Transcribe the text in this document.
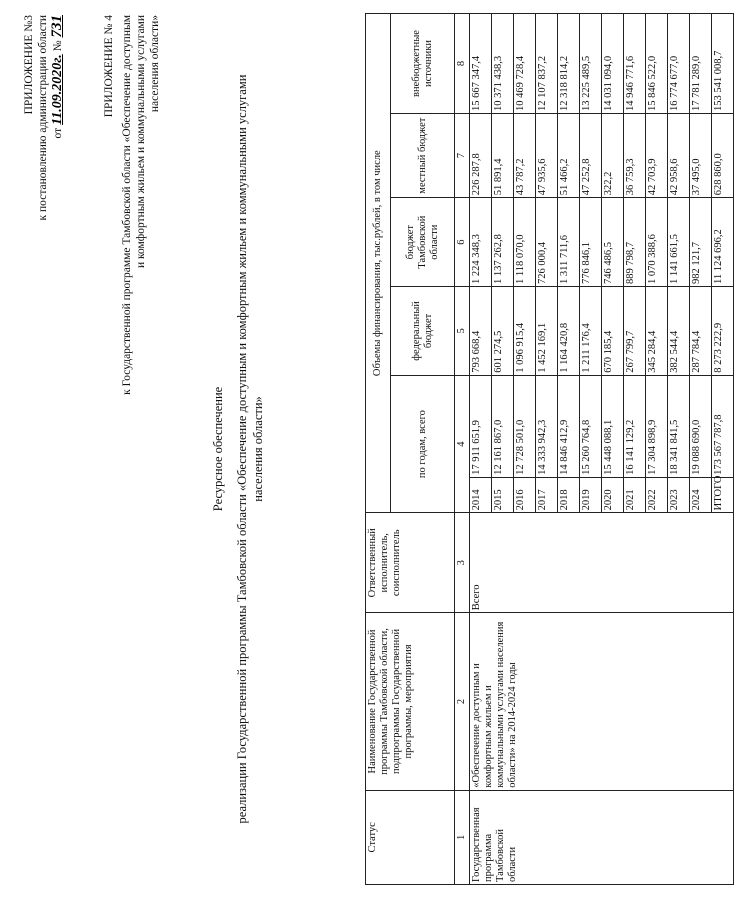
ПРИЛОЖЕНИЕ №3 к постановлению администрации области от 11.09.2020г. № 731	ПРИЛОЖЕНИЕ № 4 к Государственной программе Тамбовской области «Обеспечение доступным и комфортным жильем и коммунальными услугами населения области»
Ресурсное обеспечение реализации Государственной программы Тамбовской области «Обеспечение доступным и комфортным жильем и коммунальными услугами населения области»
Статус	Наименование Государственной программы Тамбовской области, подпрограммы Государственной программы, мероприятия	Ответственный исполнитель, соисполнитель	Объемы финансирования, тыс.рублей, в том числе					
			по годам, всего		федеральный бюджет	бюджет Тамбовской области	местный бюджет	внебюджетные источники
1	2	3	4		5	6	7	8
Государственная программа Тамбовской области	«Обеспечение доступным и комфортным жильем и коммунальными услугами населения области» на 2014-2024 годы	Всего	2014	17 911 651,9	793 668,4	1 224 348,3	226 287,8	15 667 347,4
			2015	12 161 867,0	601 274,5	1 137 262,8	51 891,4	10 371 438,3
			2016	12 728 501,0	1 096 915,4	1 118 070,0	43 787,2	10 469 728,4
			2017	14 333 942,3	1 452 169,1	726 000,4	47 935,6	12 107 837,2
			2018	14 846 412,9	1 164 420,8	1 311 711,6	51 466,2	12 318 814,2
			2019	15 260 764,8	1 211 176,4	776 846,1	47 252,8	13 225 489,5
			2020	15 448 088,1	670 185,4	746 486,5	322,2	14 031 094,0
			2021	16 141 129,2	267 799,7	889 798,7	36 759,3	14 946 771,6
			2022	17 304 898,9	345 284,4	1 070 388,6	42 703,9	15 846 522,0
			2023	18 341 841,5	382 544,4	1 141 661,5	42 958,6	16 774 677,0
			2024	19 088 690,0	287 784,4	982 121,7	37 495,0	17 781 289,0
			ИТОГО	173 567 787,8	8 273 222,9	11 124 696,2	628 860,0	153 541 008,7
